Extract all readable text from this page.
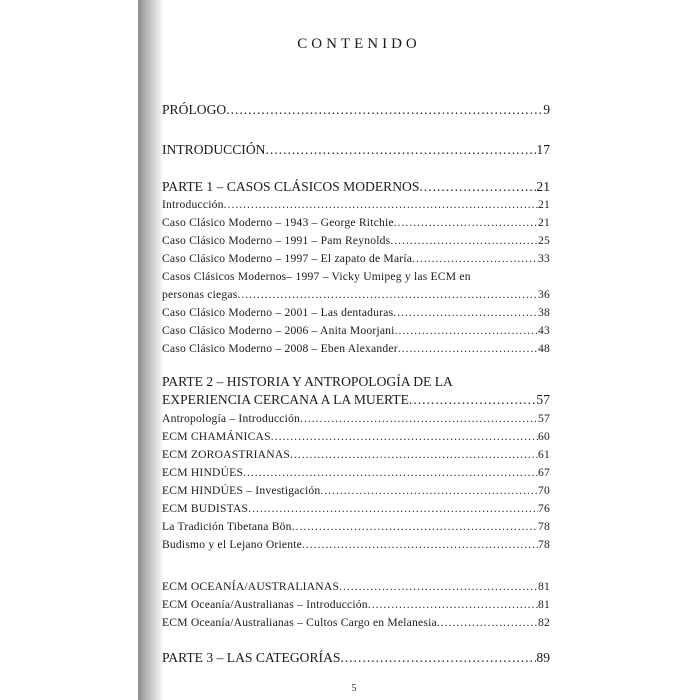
CONTENIDO
PRÓLOGO .....	9
INTRODUCCIÓN .....	17
PARTE 1 – CASOS CLÁSICOS MODERNOS .....	21
Introducción .....	21
Caso Clásico Moderno – 1943 – George Ritchie .....	21
Caso Clásico Moderno – 1991 – Pam Reynolds .....	25
Caso Clásico Moderno – 1997 – El zapato de María .....	33
Casos Clásicos Modernos– 1997 – Vicky Umipeg y las ECM en
personas ciegas .....	36
Caso Clásico Moderno – 2001 – Las dentaduras .....	38
Caso Clásico Moderno – 2006 – Anita Moorjani .....	43
Caso Clásico Moderno – 2008 – Eben Alexander .....	48
PARTE 2 – HISTORIA Y ANTROPOLOGÍA DE LA
EXPERIENCIA CERCANA A LA MUERTE .....	57
Antropología – Introducción .....	57
ECM CHAMÁNICAS .....	60
ECM ZOROASTRIANAS .....	61
ECM HINDÚES .....	67
ECM HINDÚES – Investigación .....	70
ECM BUDISTAS .....	76
La Tradición Tibetana Bön .....	78
Budismo y el Lejano Oriente .....	78
ECM OCEANÍA/AUSTRALIANAS .....	81
ECM Oceanía/Australianas – Introducción .....	81
ECM Oceanía/Australianas – Cultos Cargo en Melanesia .....	82
PARTE 3 – LAS CATEGORÍAS .....	89
5
